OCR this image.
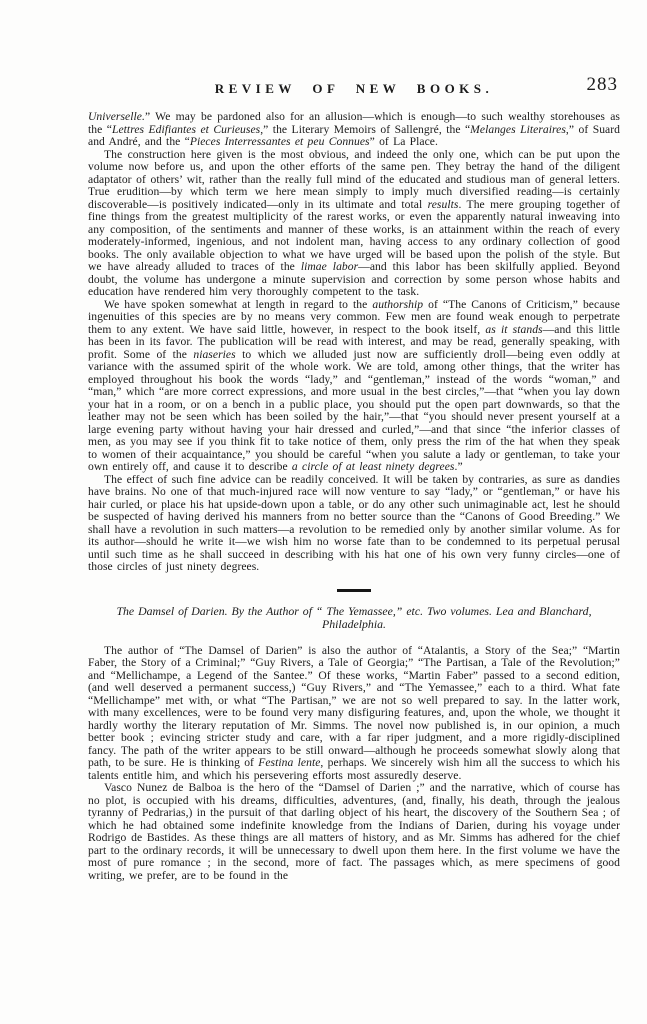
REVIEW OF NEW BOOKS.	283

Universelle.” We may be pardoned also for an allusion—which is enough—to such wealthy storehouses as the “Lettres Edifiantes et Curieuses,” the Literary Memoirs of Sallengré, the “Melanges Literaires,” of Suard and André, and the “Pieces Interressantes et peu Connues” of La Place.

The construction here given is the most obvious, and indeed the only one, which can be put upon the volume now before us, and upon the other efforts of the same pen. They betray the hand of the diligent adaptator of others’ wit, rather than the really full mind of the educated and studious man of general letters. True erudition—by which term we here mean simply to imply much diversified reading—is certainly discoverable—is positively indicated—only in its ultimate and total results. The mere grouping together of fine things from the greatest multiplicity of the rarest works, or even the apparently natural inweaving into any composition, of the sentiments and manner of these works, is an attainment within the reach of every moderately-informed, ingenious, and not indolent man, having access to any ordinary collection of good books. The only available objection to what we have urged will be based upon the polish of the style. But we have already alluded to traces of the limae labor—and this labor has been skilfully applied. Beyond doubt, the volume has undergone a minute supervision and correction by some person whose habits and education have rendered him very thoroughly competent to the task.

We have spoken somewhat at length in regard to the authorship of “The Canons of Criticism,” because ingenuities of this species are by no means very common. Few men are found weak enough to perpetrate them to any extent. We have said little, however, in respect to the book itself, as it stands—and this little has been in its favor. The publication will be read with interest, and may be read, generally speaking, with profit. Some of the niaseries to which we alluded just now are sufficiently droll—being even oddly at variance with the assumed spirit of the whole work. We are told, among other things, that the writer has employed throughout his book the words “lady,” and “gentleman,” instead of the words “woman,” and “man,” which “are more correct expressions, and more usual in the best circles,”—that “when you lay down your hat in a room, or on a bench in a public place, you should put the open part downwards, so that the leather may not be seen which has been soiled by the hair,”—that “you should never present yourself at a large evening party without having your hair dressed and curled,”—and that since “the inferior classes of men, as you may see if you think fit to take notice of them, only press the rim of the hat when they speak to women of their acquaintance,” you should be careful “when you salute a lady or gentleman, to take your own entirely off, and cause it to describe a circle of at least ninety degrees.”

The effect of such fine advice can be readily conceived. It will be taken by contraries, as sure as dandies have brains. No one of that much-injured race will now venture to say “lady,” or “gentleman,” or have his hair curled, or place his hat upside-down upon a table, or do any other such unimaginable act, lest he should be suspected of having derived his manners from no better source than the “Canons of Good Breeding.” We shall have a revolution in such matters—a revolution to be remedied only by another similar volume. As for its author—should he write it—we wish him no worse fate than to be condemned to its perpetual perusal until such time as he shall succeed in describing with his hat one of his own very funny circles—one of those circles of just ninety degrees.

The Damsel of Darien. By the Author of “ The Yemassee,” etc. Two volumes. Lea and Blanchard, Philadelphia.

The author of “The Damsel of Darien” is also the author of “Atalantis, a Story of the Sea;” “Martin Faber, the Story of a Criminal;” “Guy Rivers, a Tale of Georgia;” “The Partisan, a Tale of the Revolution;” and “Mellichampe, a Legend of the Santee.” Of these works, “Martin Faber” passed to a second edition, (and well deserved a permanent success,) “Guy Rivers,” and “The Yemassee,” each to a third. What fate “Mellichampe” met with, or what “The Partisan,” we are not so well prepared to say. In the latter work, with many excellences, were to be found very many disfiguring features, and, upon the whole, we thought it hardly worthy the literary reputation of Mr. Simms. The novel now published is, in our opinion, a much better book ; evincing stricter study and care, with a far riper judgment, and a more rigidly-disciplined fancy. The path of the writer appears to be still onward—although he proceeds somewhat slowly along that path, to be sure. He is thinking of Festina lente, perhaps. We sincerely wish him all the success to which his talents entitle him, and which his persevering efforts most assuredly deserve.

Vasco Nunez de Balboa is the hero of the “Damsel of Darien ;” and the narrative, which of course has no plot, is occupied with his dreams, difficulties, adventures, (and, finally, his death, through the jealous tyranny of Pedrarias,) in the pursuit of that darling object of his heart, the discovery of the Southern Sea ; of which he had obtained some indefinite knowledge from the Indians of Darien, during his voyage under Rodrigo de Bastides. As these things are all matters of history, and as Mr. Simms has adhered for the chief part to the ordinary records, it will be unnecessary to dwell upon them here. In the first volume we have the most of pure romance ; in the second, more of fact. The passages which, as mere specimens of good writing, we prefer, are to be found in the
